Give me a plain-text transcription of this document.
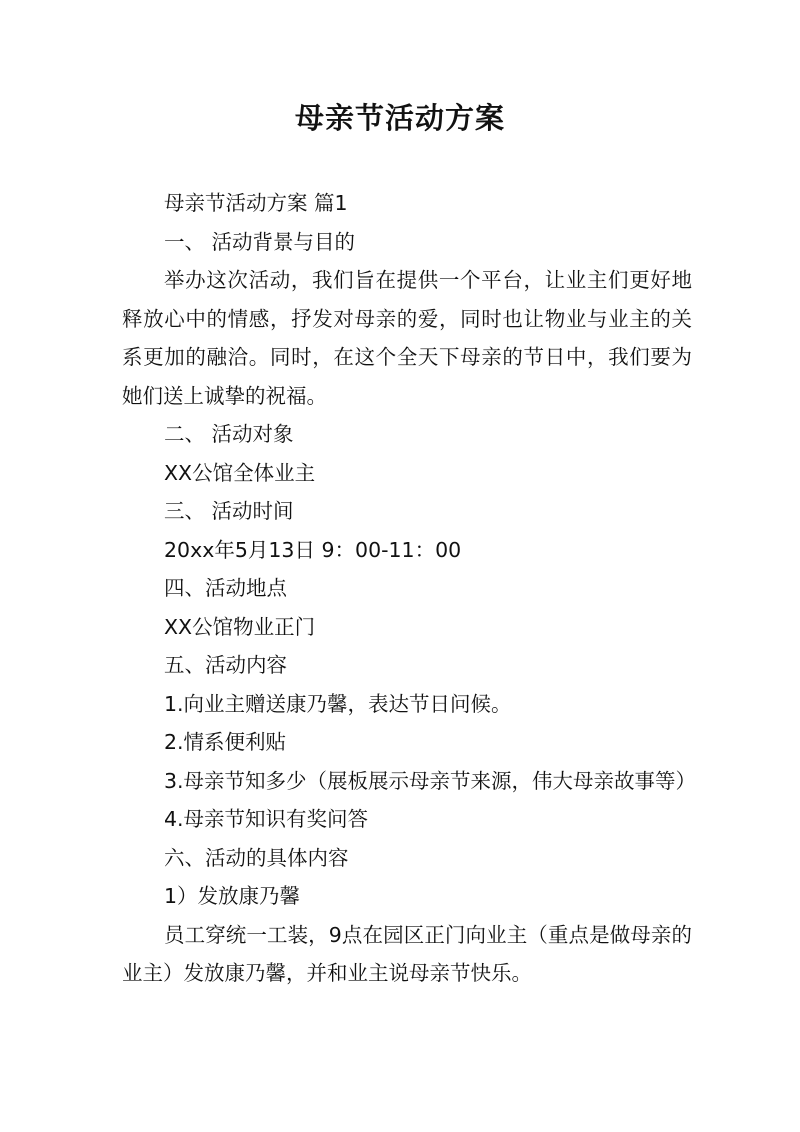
母亲节活动方案

母亲节活动方案 篇1

一、 活动背景与目的

举办这次活动，我们旨在提供一个平台，让业主们更好地释放心中的情感，抒发对母亲的爱，同时也让物业与业主的关系更加的融洽。同时，在这个全天下母亲的节日中，我们要为她们送上诚挚的祝福。

二、 活动对象

XX公馆全体业主

三、 活动时间

20xx年5月13日 9：00-11：00

四、活动地点

XX公馆物业正门

五、活动内容

1.向业主赠送康乃馨，表达节日问候。

2.情系便利贴

3.母亲节知多少（展板展示母亲节来源，伟大母亲故事等）

4.母亲节知识有奖问答

六、活动的具体内容

1）发放康乃馨

员工穿统一工装，9点在园区正门向业主（重点是做母亲的业主）发放康乃馨，并和业主说母亲节快乐。
